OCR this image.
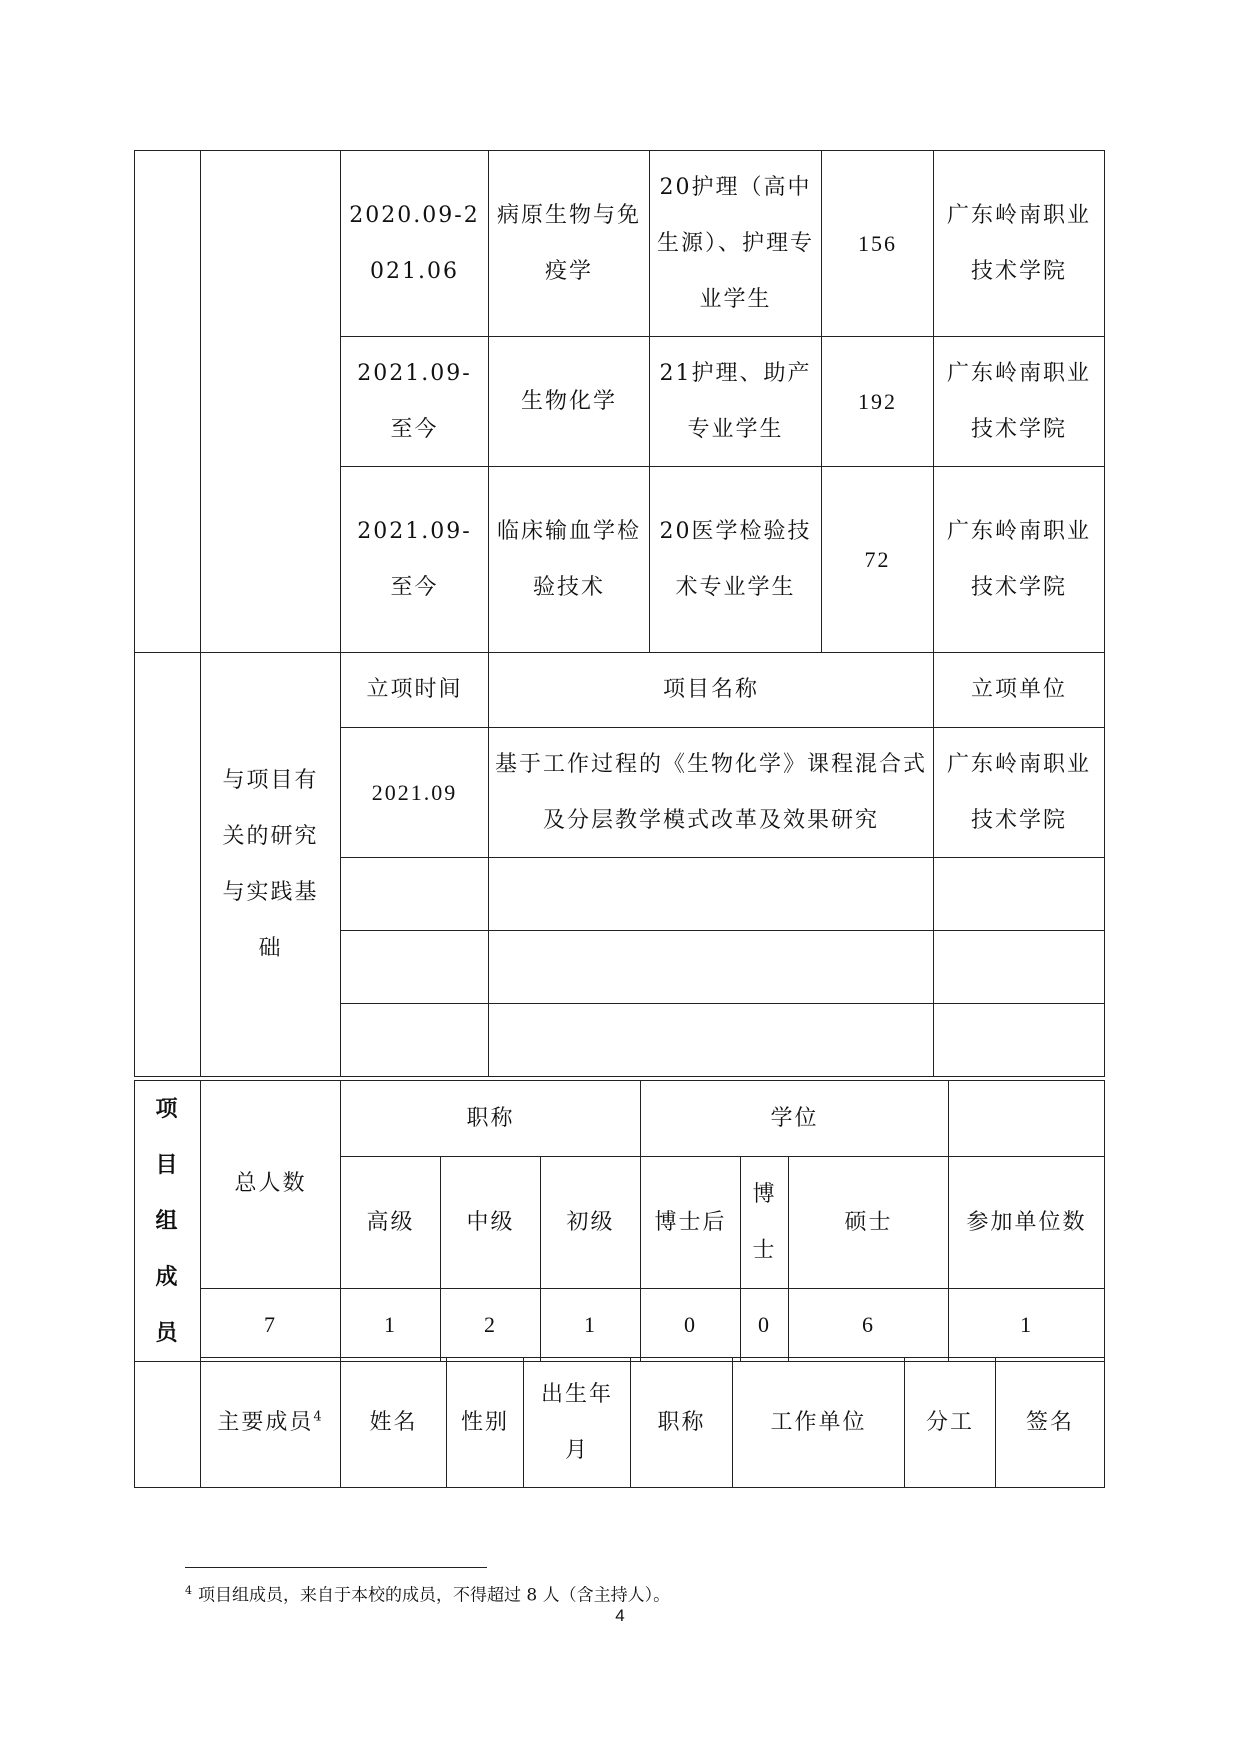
		2020.09-2021.06	病原生物与免疫学	20护理（高中生源）、护理专业学生	156	广东岭南职业技术学院
		2021.09-至今	生物化学	21护理、助产专业学生	192	广东岭南职业技术学院
		2021.09-至今	临床输血学检验技术	20医学检验技术专业学生	72	广东岭南职业技术学院
	与项目有关的研究与实践基础	立项时间	项目名称			立项单位
		2021.09	基于工作过程的《生物化学》课程混合式及分层教学模式改革及效果研究			广东岭南职业技术学院

项
目
组
成
员	总人数	职称			学位			
		高级	中级	初级	博士后	博士	硕士	参加单位数
	7	1	2	1	0	0	6	1
	主要成员$^4$	姓名	性别	出生年月	职称	工作单位	分工	签名
$^4$ 项目组成员，来自于本校的成员，不得超过 8 人（含主持人）。
4
